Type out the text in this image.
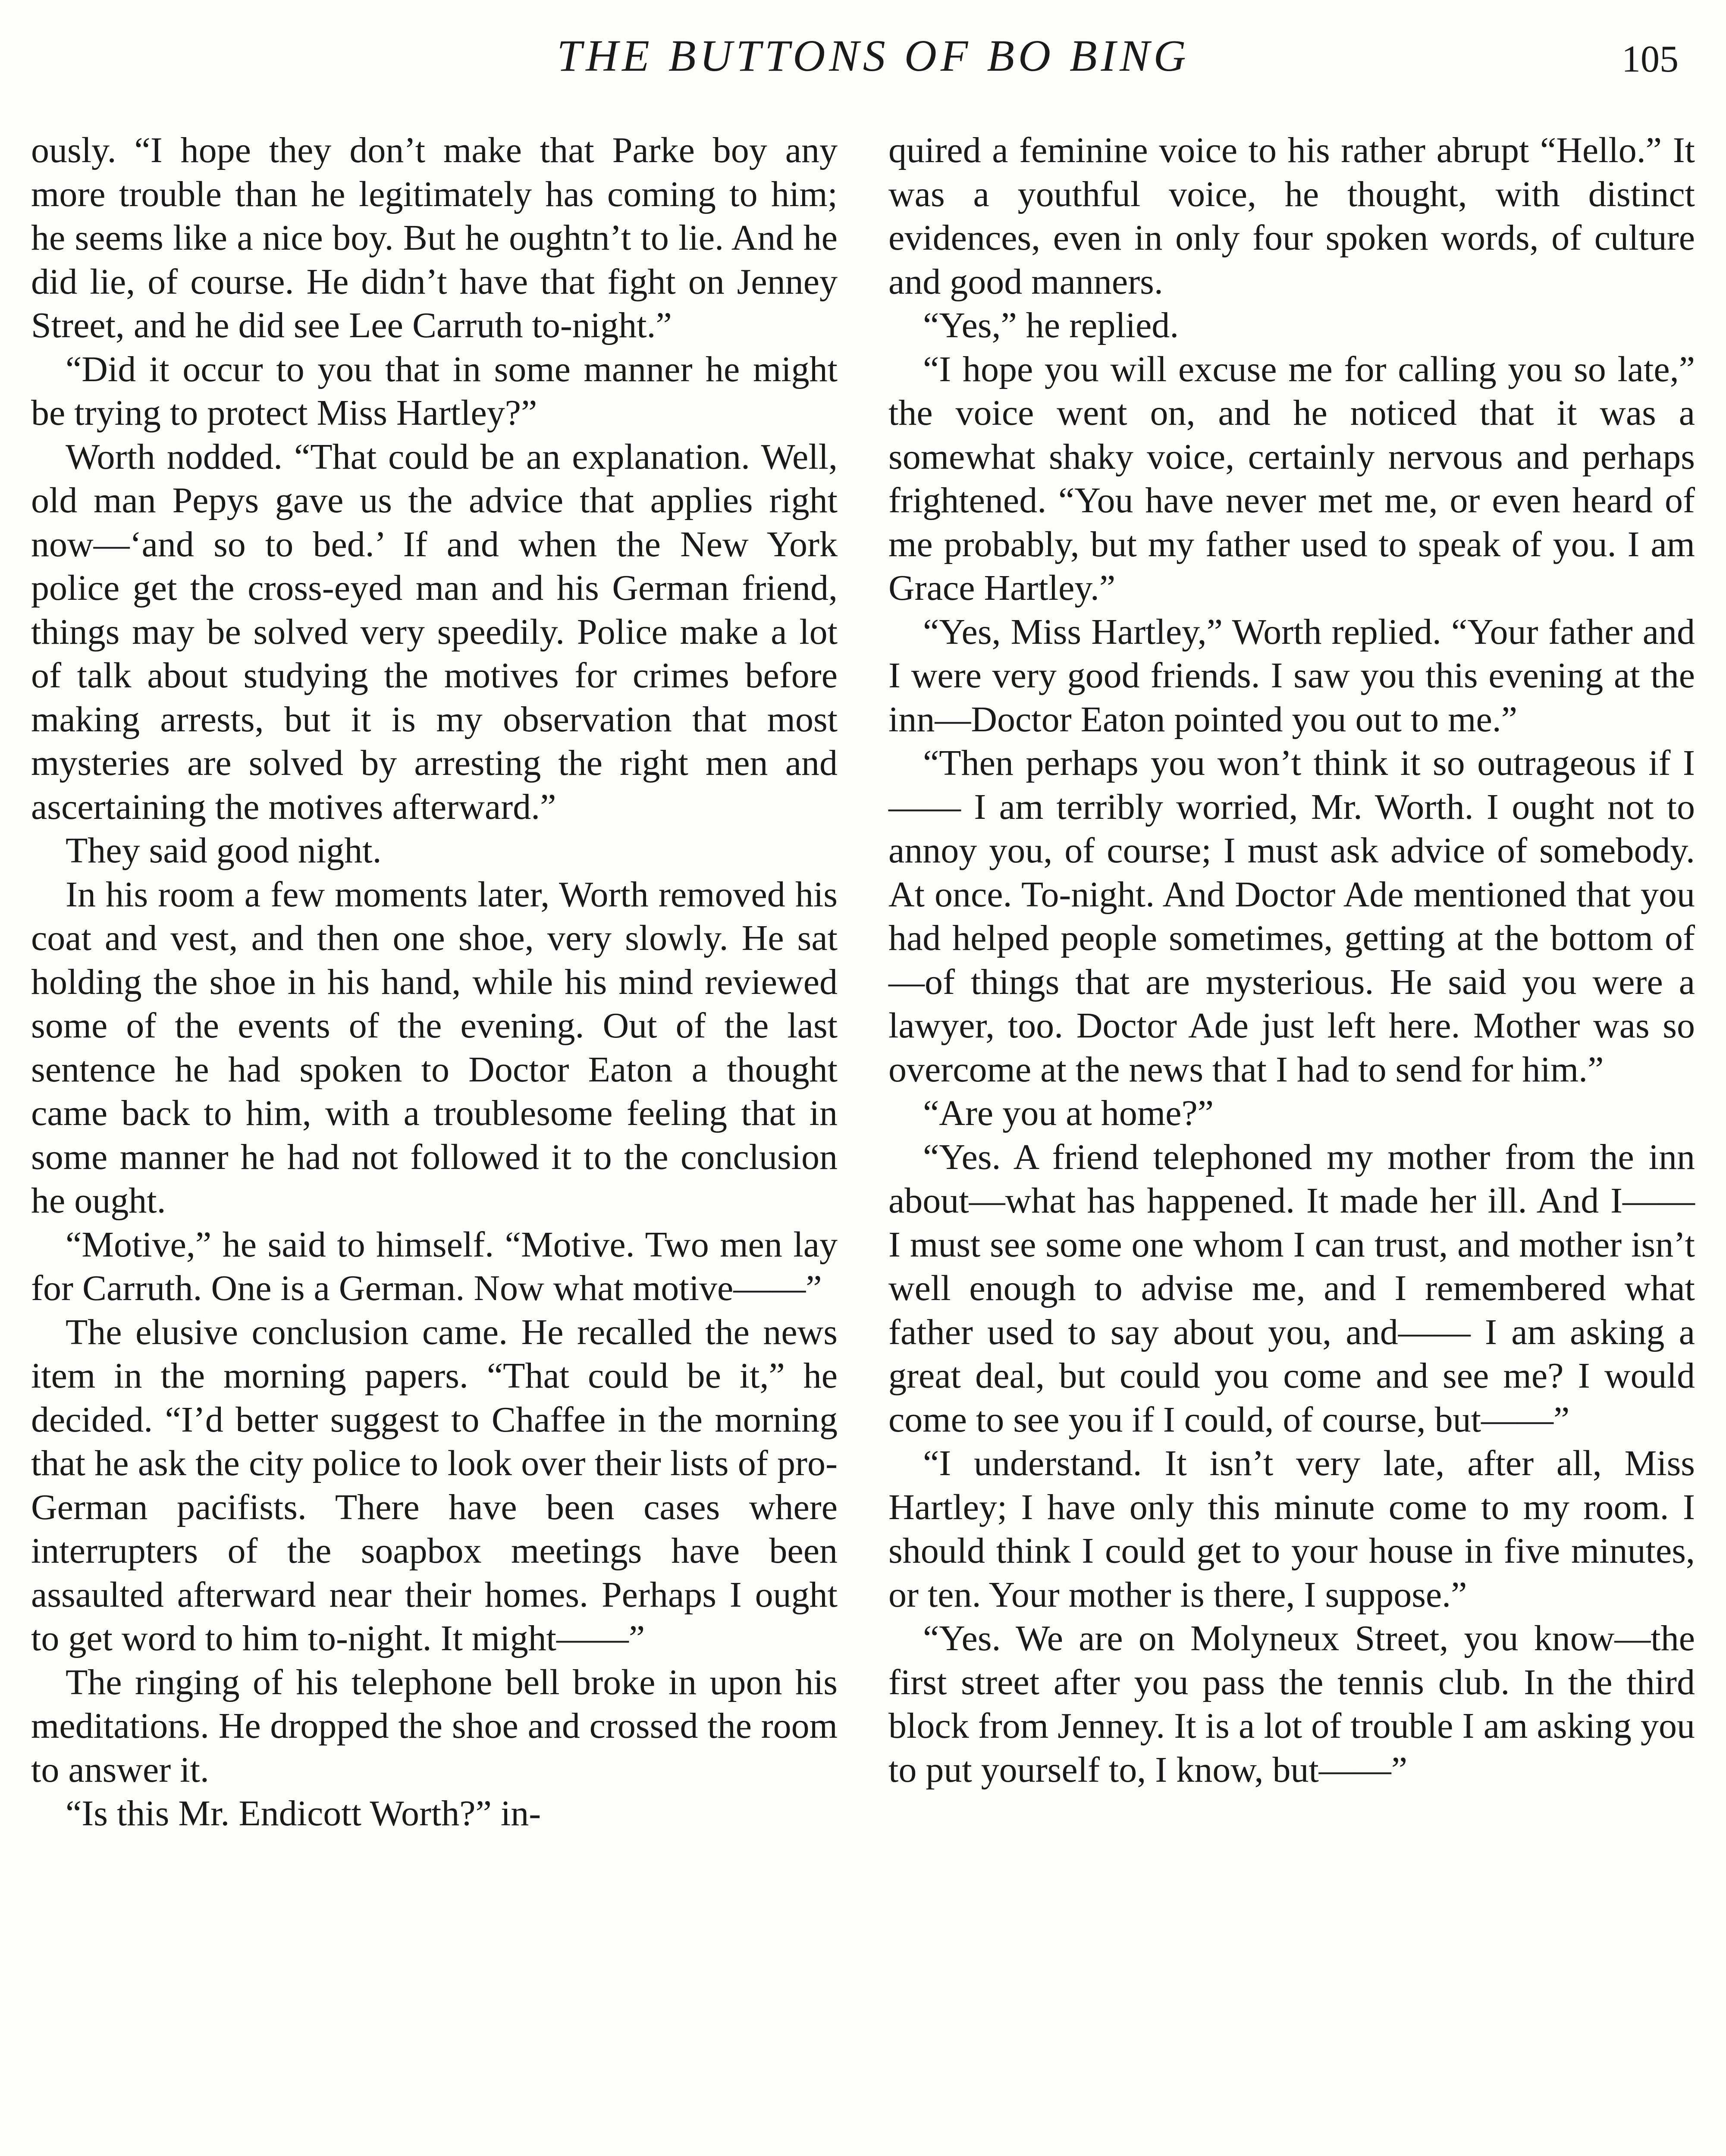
THE BUTTONS OF BO BING	105

ously. “I hope they don’t make that Parke boy any more trouble than he legitimately has coming to him; he seems like a nice boy. But he oughtn’t to lie. And he did lie, of course. He didn’t have that fight on Jenney Street, and he did see Lee Carruth to-night.”

“Did it occur to you that in some manner he might be trying to protect Miss Hartley?”

Worth nodded. “That could be an explanation. Well, old man Pepys gave us the advice that applies right now—‘and so to bed.’ If and when the New York police get the cross-eyed man and his German friend, things may be solved very speedily. Police make a lot of talk about studying the motives for crimes before making arrests, but it is my observation that most mysteries are solved by arresting the right men and ascertaining the motives afterward.”

They said good night.

In his room a few moments later, Worth removed his coat and vest, and then one shoe, very slowly. He sat holding the shoe in his hand, while his mind reviewed some of the events of the evening. Out of the last sentence he had spoken to Doctor Eaton a thought came back to him, with a troublesome feeling that in some manner he had not followed it to the conclusion he ought.

“Motive,” he said to himself. “Motive. Two men lay for Carruth. One is a German. Now what motive——”

The elusive conclusion came. He recalled the news item in the morning papers. “That could be it,” he decided. “I’d better suggest to Chaffee in the morning that he ask the city police to look over their lists of pro-German pacifists. There have been cases where interrupters of the soapbox meetings have been assaulted afterward near their homes. Perhaps I ought to get word to him to-night. It might——”

The ringing of his telephone bell broke in upon his meditations. He dropped the shoe and crossed the room to answer it.

“Is this Mr. Endicott Worth?” in-

quired a feminine voice to his rather abrupt “Hello.” It was a youthful voice, he thought, with distinct evidences, even in only four spoken words, of culture and good manners.

“Yes,” he replied.

“I hope you will excuse me for calling you so late,” the voice went on, and he noticed that it was a somewhat shaky voice, certainly nervous and perhaps frightened. “You have never met me, or even heard of me probably, but my father used to speak of you. I am Grace Hartley.”

“Yes, Miss Hartley,” Worth replied. “Your father and I were very good friends. I saw you this evening at the inn—Doctor Eaton pointed you out to me.”

“Then perhaps you won’t think it so outrageous if I—— I am terribly worried, Mr. Worth. I ought not to annoy you, of course; I must ask advice of somebody. At once. To-night. And Doctor Ade mentioned that you had helped people sometimes, getting at the bottom of—of things that are mysterious. He said you were a lawyer, too. Doctor Ade just left here. Mother was so overcome at the news that I had to send for him.”

“Are you at home?”

“Yes. A friend telephoned my mother from the inn about—what has happened. It made her ill. And I—— I must see some one whom I can trust, and mother isn’t well enough to advise me, and I remembered what father used to say about you, and—— I am asking a great deal, but could you come and see me? I would come to see you if I could, of course, but——”

“I understand. It isn’t very late, after all, Miss Hartley; I have only this minute come to my room. I should think I could get to your house in five minutes, or ten. Your mother is there, I suppose.”

“Yes. We are on Molyneux Street, you know—the first street after you pass the tennis club. In the third block from Jenney. It is a lot of trouble I am asking you to put yourself to, I know, but——”
